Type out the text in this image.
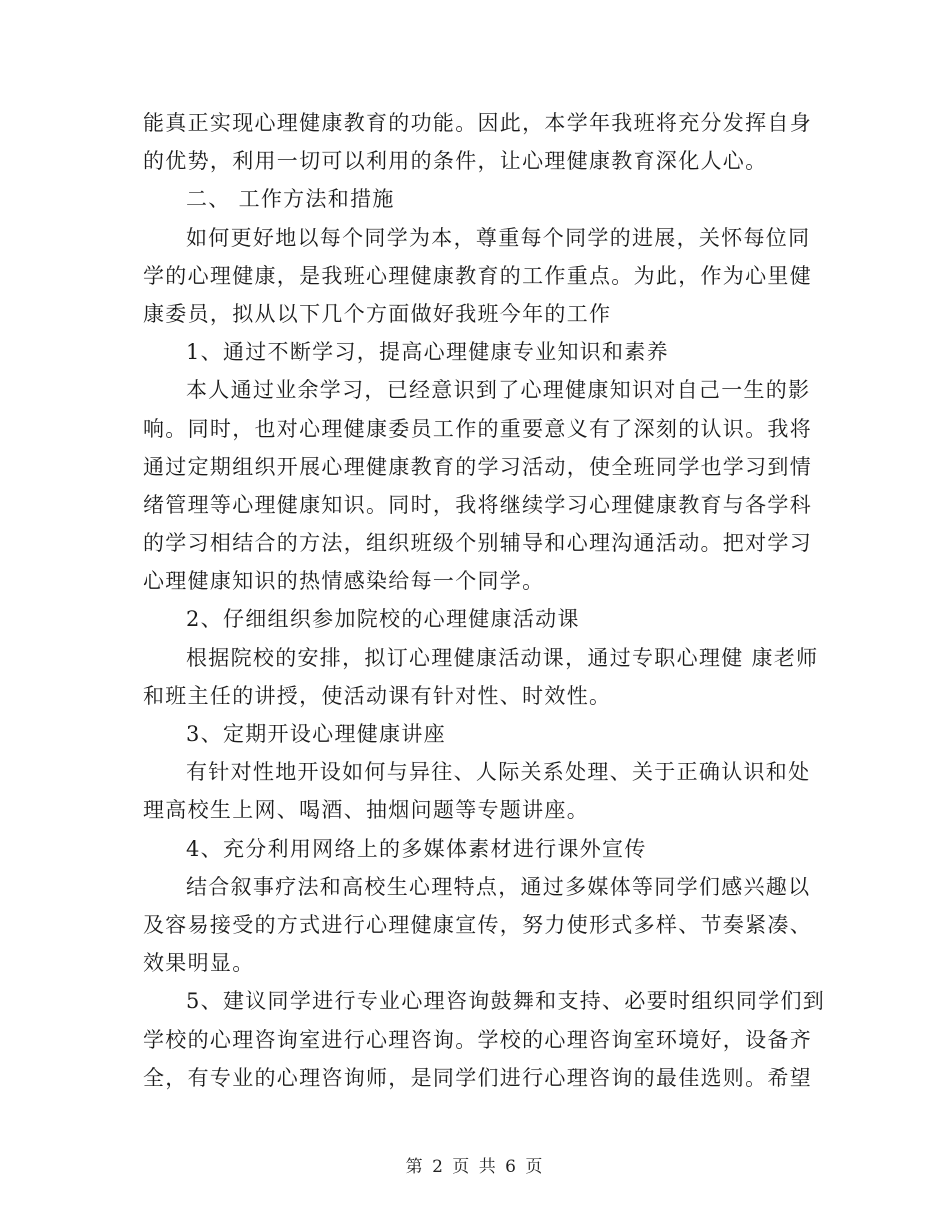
能真正实现心理健康教育的功能。因此，本学年我班将充分发挥自身
的优势，利用一切可以利用的条件，让心理健康教育深化人心。
二、 工作方法和措施
如何更好地以每个同学为本，尊重每个同学的进展，关怀每位同
学的心理健康，是我班心理健康教育的工作重点。为此，作为心里健
康委员，拟从以下几个方面做好我班今年的工作
1、通过不断学习，提高心理健康专业知识和素养
本人通过业余学习，已经意识到了心理健康知识对自己一生的影
响。同时，也对心理健康委员工作的重要意义有了深刻的认识。我将
通过定期组织开展心理健康教育的学习活动，使全班同学也学习到情
绪管理等心理健康知识。同时，我将继续学习心理健康教育与各学科
的学习相结合的方法，组织班级个别辅导和心理沟通活动。把对学习
心理健康知识的热情感染给每一个同学。
2、仔细组织参加院校的心理健康活动课
根据院校的安排，拟订心理健康活动课，通过专职心理健 康老师
和班主任的讲授，使活动课有针对性、时效性。
3、定期开设心理健康讲座
有针对性地开设如何与异往、人际关系处理、关于正确认识和处
理高校生上网、喝酒、抽烟问题等专题讲座。
4、充分利用网络上的多媒体素材进行课外宣传
结合叙事疗法和高校生心理特点，通过多媒体等同学们感兴趣以
及容易接受的方式进行心理健康宣传，努力使形式多样、节奏紧凑、
效果明显。
5、建议同学进行专业心理咨询鼓舞和支持、必要时组织同学们到
学校的心理咨询室进行心理咨询。学校的心理咨询室环境好，设备齐
全，有专业的心理咨询师，是同学们进行心理咨询的最佳选则。希望
第 2 页 共 6 页
